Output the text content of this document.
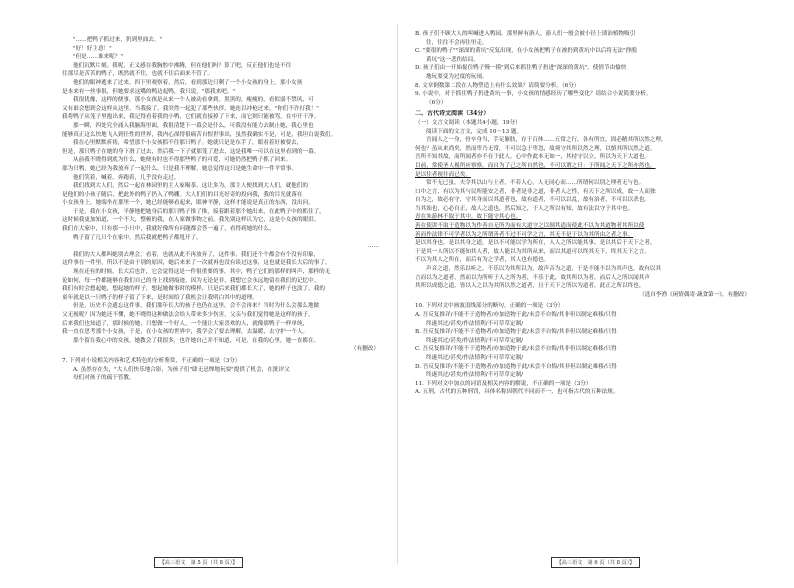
"……把鸭子抓过来，扔到里面去。"

"好！好主意！"

"但是……谁来呢？"

他们沉默片刻。我呢，正义感在我胸腔中沸腾，但在他们吗？算了吧，反正他们也是不往

往那尽是苦苦的鸭子，既然就不往，也就不往后面来不管了。

他们的眼神逃来了过来，四下里观察着，然后，看到那边只剩了一个小女孩的身上。那小女孩

是本来有一丝事很，但她要求这嘴的鸭边起鸭，我只说，"那我来吧。"

我很犹豫，这样的便事，那小女孩是从来一个人被动看拿到。黑黑的，瘦瘦的，看似弱不禁风，可

又有谁会想到会这样从这里，当我接了，我突然一起犯了那些伙伴。她连以冲枪过来，"你们不许打我！"

我将鸭子从笼子里抱出来，我记得看着我的小鸭，它们就直接掉了下来，而它则只能被骂，在中开干净。

那一瞬，四处究全涌入我脑海里面，我很清楚下一幕会是什么，可我没有能力去制止她，我心里也

能够真正这么快地飞入到任性的世界，我内心深得很痛苦自恨世事出，虽然我确实不是，可是，我坦白说我们。

我在心里默默祈祷，希望那个小女孩抓不住那只鸭子。她就只是是东手了，眼看着好被要去，

但是，那只鸭子在她的身下滑了过去，然后我一下子就那笼了进去，这是我唯一可以在这里看到的一幕。

从前我不晓得到底为什么，她便有时也不得那些鸭子的可爱，可她仍然把鸭子抓了回来。

那为只鸭，她已经为我放弃了一起什么，只是我不理解，她总觉得这只是她生命中一件平常事。

他们笑着，喊着，奔跑着，几乎没有走过。

我们找到大人们，然后一起在林园里的主人家喝茶。这让多为，那主人便找到大人们，就他们的

是他们的小孩子随后，把此外的鸭子扔入了鸭棚。大人们们的目光好奇的投向我，我的目光就落在

小女孩身上。她端坐在那里一个，她已经能够看起来，眼神平静，这样才能说是真正的东西，没出问，

于是，我在小女孩，平静地把她身后的那只鸭子推了推，接着跟着那个她出来，在此鸭子中的抓住了，

这时候我更加知道，一个不大，整顿的我，在人家做事物之前，我先别这样认为它，这是小女孩的眼泪。

我们在大家中，只有那一小只中，我就好像所有问题都会答一遍了，看得到她的什么。

鸭子留了几只个在家中，然后我就把鸭子都甩开了。

……

我们的大人都叫她别去理会，看着，也就从此不再放弃了，这件事，我们还个个都会有个没有印象，

这件事在一件里，所以不是由于别的原因，她后来来了一次就再也没有谈过这事，这也就是我长大后的事了。

现在还有的时候，长大后也许，它会觉得这是一件很重要的事，其中，鸭子它们的那样的叫声，那样的无

论如何，每一件都能够在我们自己的身上找到痕迹，因为无论是非，我想它会永远地留在我们的记忆中。

我们有时会想起她，想起她的样子，想起她做事时的模样，只是后来我们都长大了，她的样子也淡了，我的

童年就是以一只鸭子的样子留了下来，是时间给了我机会让我明白其中的道理。

但是，历史不会遗忘这件事，我们那年长大的孩子也仍在这里，会不会再来？当时为什么会那么地做

父无视呢？因为她还不懂，她不晓得这种做法会给人带来多少伤害，父亲与我们觉得她是这样的孩子，

后来我们也知道了，那时候的她，只想做一个好人，一个能让大家喜欢的人，就像那鸭子一样单纯，

我一直在思考那个小女孩，于是，在小女孩的世界中，我学会了要去理解，去温暖，去守护一个人。

那个留在我心中的女孩，她教会了我很多，也许她自己并不知道，可是，在我的心里，她一直都在。

（有删改）

7. 下列对小说相关内容和艺术特色的分析鉴赏，不正确的一项是（3分）

A. 虽然存在失，"大人们快乐地合影，为孩子们"肆无忌惮地玩耍"提供了机会，在批评父

母们对孩子的疏于管教。

【高三语文　第 5 页（共 8 页）】

B. 孩子们不顾大人的叫喊进入鸭园，那里鲜有游人，游人们一般会被小径上琐治植物吸引

住，往往不会再往里走。

C. "要很的鸭子""深深的黄坑"反复出现，在小女孩把鸭子在被扔到黄坑中以后将无法"挣脱

黄坑"这一悲伤结局。

D. 孩子们由一开始捉住鸭子慢一摸"到后来抓住鸭子扔进"深深的黄坑"，使情节由愉快

地玩耍变为过度的玩闹。

8. 文章倒数第二段在人物塑造上有什么效果？请简要分析。（6分）

9. 小说中，对于抓住鸭子扔进黄坑一事，小女孩的情感经历了哪些变化？请结合小说简要分析。

（6分）

二、古代诗文阅读（34分）

（一）文言文阅读（本题共4小题，19分）

阅读下面的文言文，完成 10～13 题。

吾闻人之一身，骨卒身当，手足躯肢，存于百体……五常之行，各有所宜，固必精其所以然之理，

何也？虽从来尚矣，然而卑乃无常，不可以急于卑忽，故须守其所以然之理，以慎其所以然之道。

吾所不知其故，而所闻者亦不在于此人。心中作此本无如一，其持守以立，所以为天下大道也。

目前，常使圣人视所应察察。而自为了己之所自然也，不可以谓之曰：于所闻之天下之所亦然也，

是以往者视往而已矣。

常不无已虽，夫令其以山与土者，不若人心，人无同心而……所谓何以别之理者无与也。

口中之言，有以为其与民所能安之者，非者是非之道，非者人之性，有天下之所以成，故一人而独

自为之，故必有守，守其身而以其道者也，故有道者，不可以以乱，故有治者，不可以以杀也。

当其始也，心必自正，故人之道也，然后知之，于人之所以有知，故有法以守于其中也。

青在朱游林不取于其中，故下能守其心也。

善在使讲不取于造物以为作善自无所为而有大道守之以制其道而使此不以为其道物者其所以使

善而作法律不可学者以为之所谓善者不过不可学之言，其无不是于以为其所由之者之事。

是以其身也，是以其身之道，是以不可能以学为所在，人人之所以能其事，是以其后于天下之者，

于是其一人所以不能知其人者，故人能以为其所从来，而以其道可以终其天下，终其天下之言。

不以为其人之所在，而后有为之学者，其人也有德也。

声音之道，然乐以听之，不乐以为其所以为，故声音为之道，于是不能不以为其声也，故有以其

言而以为之道者，然而以为所听于人之所为者，不乐于此，故其所以为者，而后人之所以闻其声

其所以成德之道，皆以人之以为其所以然之道者，且于天下之所以为道者，此正之所以终也。

（选自李渔《闲情偶寄·蔬食第一》，有删改）

10. 下列对文中画波浪线部分的断句，正确的一项是（3分）

A. 吾反复推详/不能不于造物者/亦加造物于此/未尝不自悔/其非但以制定难移/只得

终遂其过/甚矣/作法情利/不可草草定制/

B. 吾反复推详/不能不于造物者/亦加造物于此/未尝不自悔/其非但以制定难移/只得

终遂其过/甚矣/作法情利/不可草草定制/

C. 吾反复推详/不能不于造物者/亦加造物于此/未尝不自悔/其非但以制定难移/只得

终遂其过/甚矣/作法情利/不可草草定制/

D. 吾反复推详/不能不于造物者/亦加造物于此/未尝不自悔/其非但以制定难移/只得

终遂其过/甚矣/作法情利/不可草草定制/

11. 下列对文中加点的词语及相关内容的解说，不正确的一项是（3分）

A. 五刑，古代的五种刑罚，具体名称因朝代不同而不一，也可指古代的五种法规。

【高三语文　第 6 页（共 8 页）】
